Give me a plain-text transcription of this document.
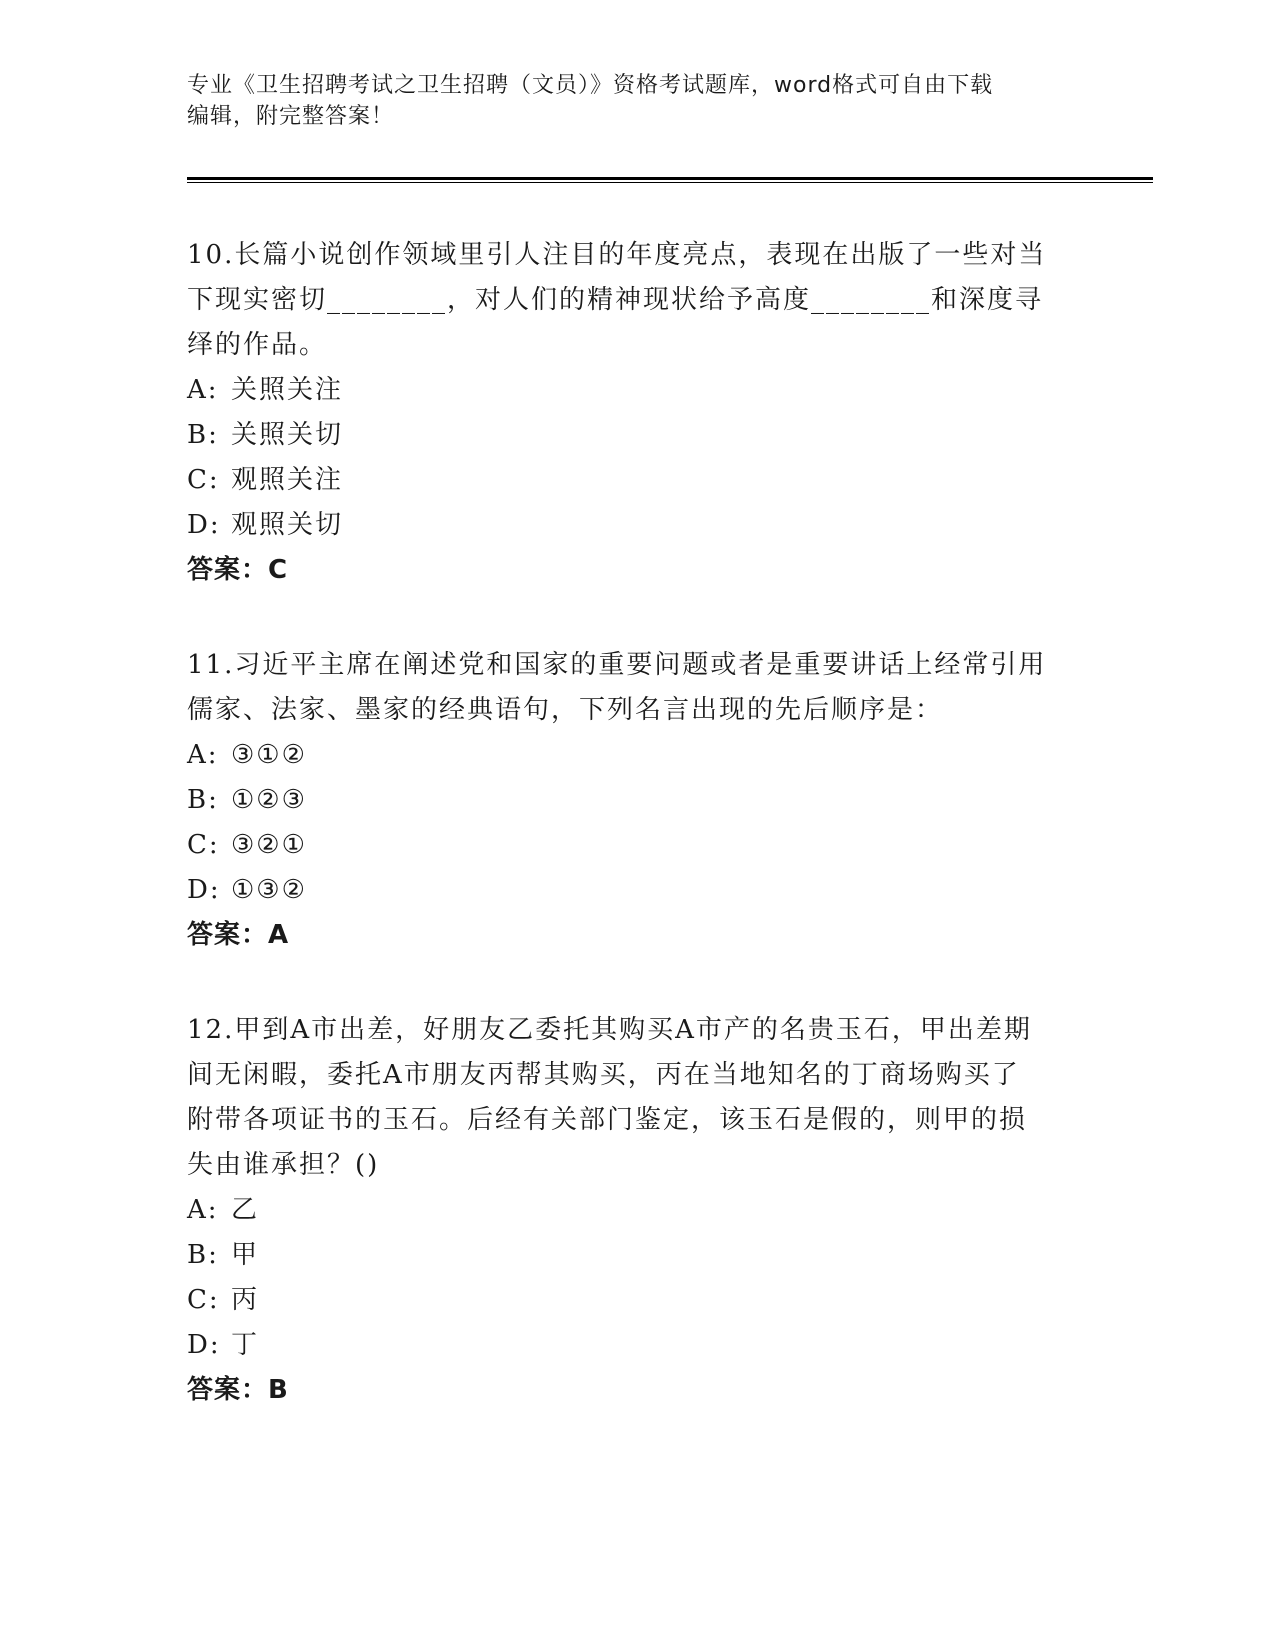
专业《卫生招聘考试之卫生招聘（文员）》资格考试题库，word格式可自由下载
编辑，附完整答案！
10.长篇小说创作领域里引人注目的年度亮点，表现在出版了一些对当
下现实密切________，对人们的精神现状给予高度________和深度寻
绎的作品。
A: 关照关注
B: 关照关切
C: 观照关注
D: 观照关切
答案：C
11.习近平主席在阐述党和国家的重要问题或者是重要讲话上经常引用
儒家、法家、墨家的经典语句，下列名言出现的先后顺序是：
A: ③①②
B: ①②③
C: ③②①
D: ①③②
答案：A
12.甲到A市出差，好朋友乙委托其购买A市产的名贵玉石，甲出差期
间无闲暇，委托A市朋友丙帮其购买，丙在当地知名的丁商场购买了
附带各项证书的玉石。后经有关部门鉴定，该玉石是假的，则甲的损
失由谁承担？()
A: 乙
B: 甲
C: 丙
D: 丁
答案：B
